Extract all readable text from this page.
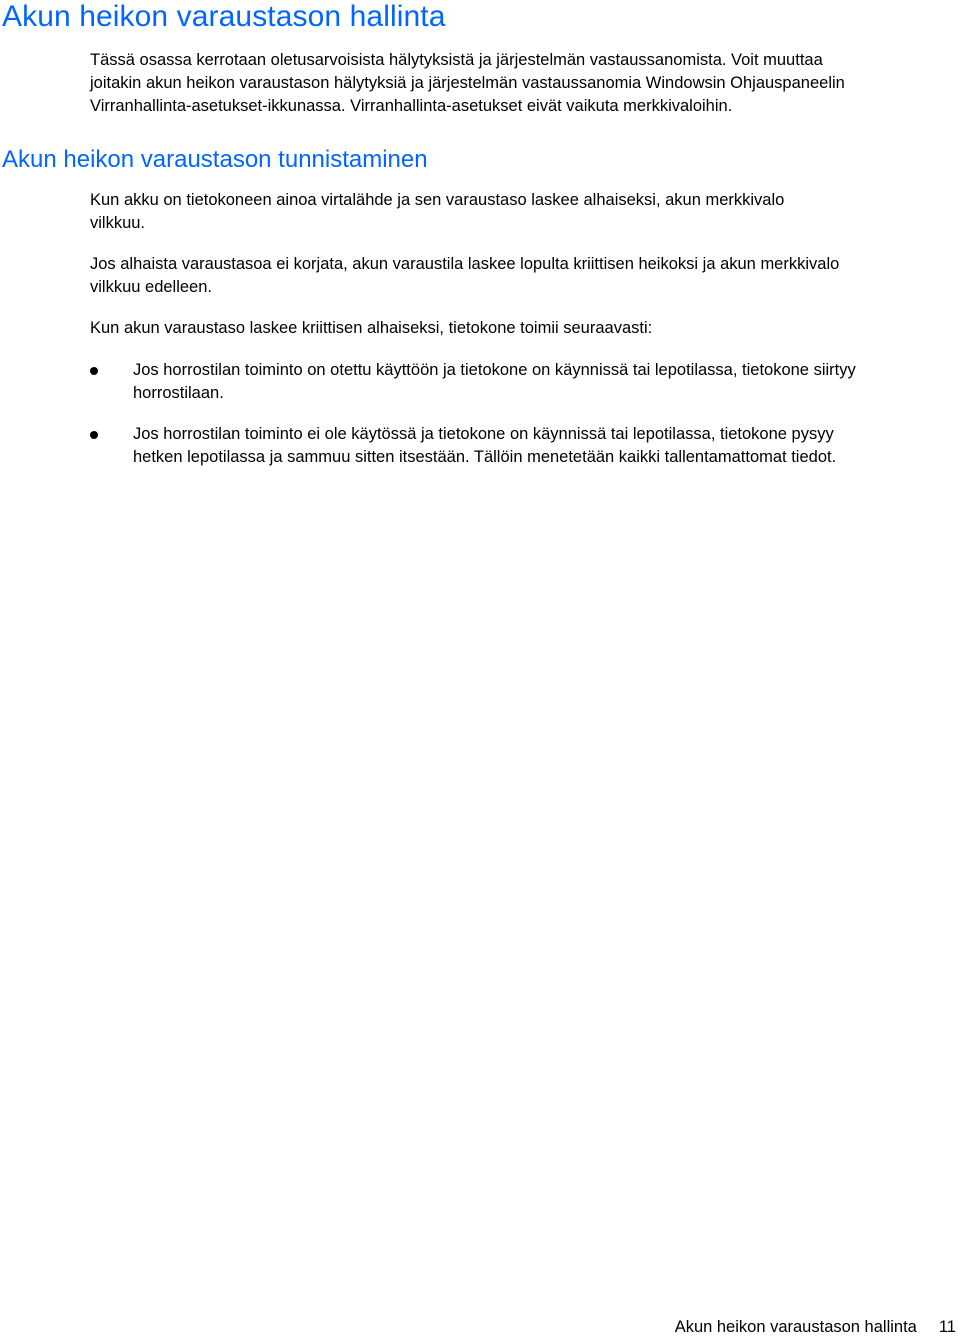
Akun heikon varaustason hallinta

Tässä osassa kerrotaan oletusarvoisista hälytyksistä ja järjestelmän vastaussanomista. Voit muuttaa
joitakin akun heikon varaustason hälytyksiä ja järjestelmän vastaussanomia Windowsin Ohjauspaneelin
Virranhallinta-asetukset-ikkunassa. Virranhallinta-asetukset eivät vaikuta merkkivaloihin.

Akun heikon varaustason tunnistaminen

Kun akku on tietokoneen ainoa virtalähde ja sen varaustaso laskee alhaiseksi, akun merkkivalo
vilkkuu.

Jos alhaista varaustasoa ei korjata, akun varaustila laskee lopulta kriittisen heikoksi ja akun merkkivalo
vilkkuu edelleen.

Kun akun varaustaso laskee kriittisen alhaiseksi, tietokone toimii seuraavasti:

Jos horrostilan toiminto on otettu käyttöön ja tietokone on käynnissä tai lepotilassa, tietokone siirtyy
horrostilaan.

Jos horrostilan toiminto ei ole käytössä ja tietokone on käynnissä tai lepotilassa, tietokone pysyy
hetken lepotilassa ja sammuu sitten itsestään. Tällöin menetetään kaikki tallentamattomat tiedot.

Akun heikon varaustason hallinta 11
